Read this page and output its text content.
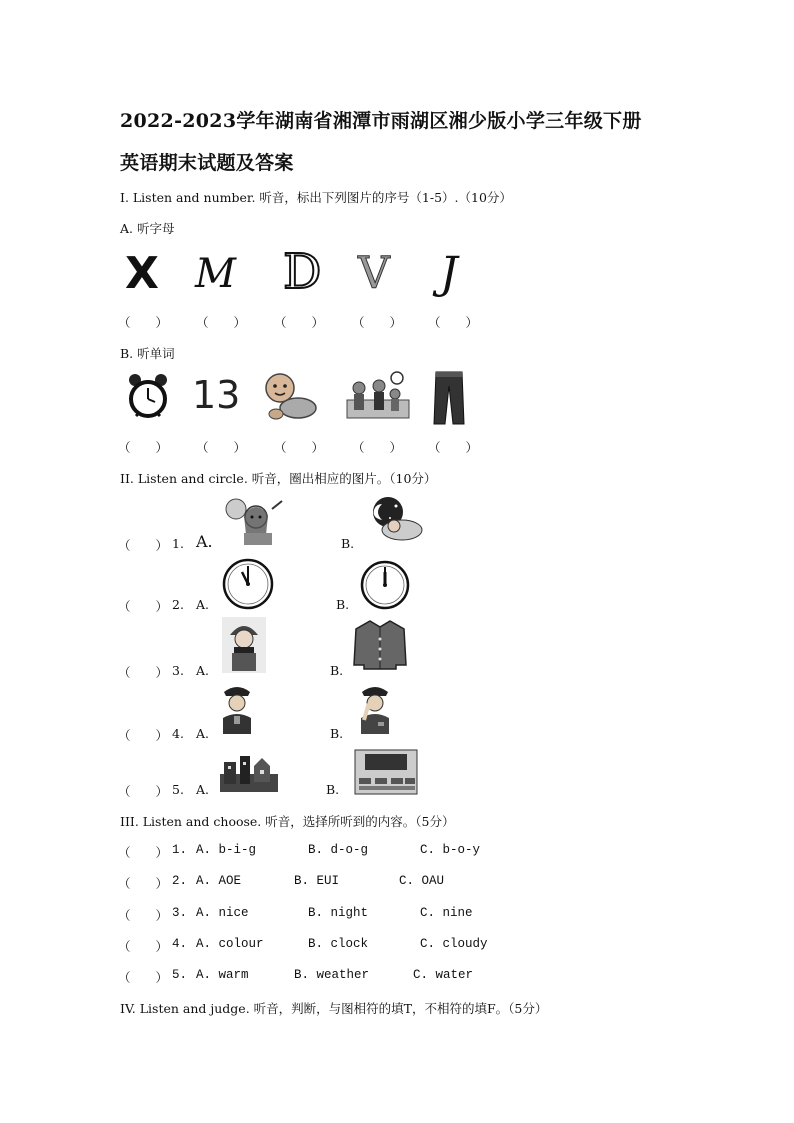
2022-2023学年湖南省湘潭市雨湖区湘少版小学三年级下册
英语期末试题及答案
I. Listen and number. 听音，标出下列图片的序号（1-5）.（10分）
A. 听字母
X M D V J
（　　） （　　） （　　） （　　） （　　）
B. 听单词
13
（　　） （　　） （　　） （　　） （　　）
II. Listen and circle. 听音，圈出相应的图片。（10分）
（　　） 1. A.	B.
（　　） 2. A.	B.
（　　） 3. A.	B.
（　　） 4. A.	B.
（　　） 5. A.	B.
III. Listen and choose. 听音，选择所听到的内容。（5分）
（　　） 1. A. b-i-g	B. d-o-g	C. b-o-y
（　　） 2. A. AOE	B. EUI	C. OAU
（　　） 3. A. nice	B. night	C. nine
（　　） 4. A. colour	B. clock	C. cloudy
（　　） 5. A. warm	B. weather	C. water
IV. Listen and judge. 听音，判断，与图相符的填T，不相符的填F。（5分）
